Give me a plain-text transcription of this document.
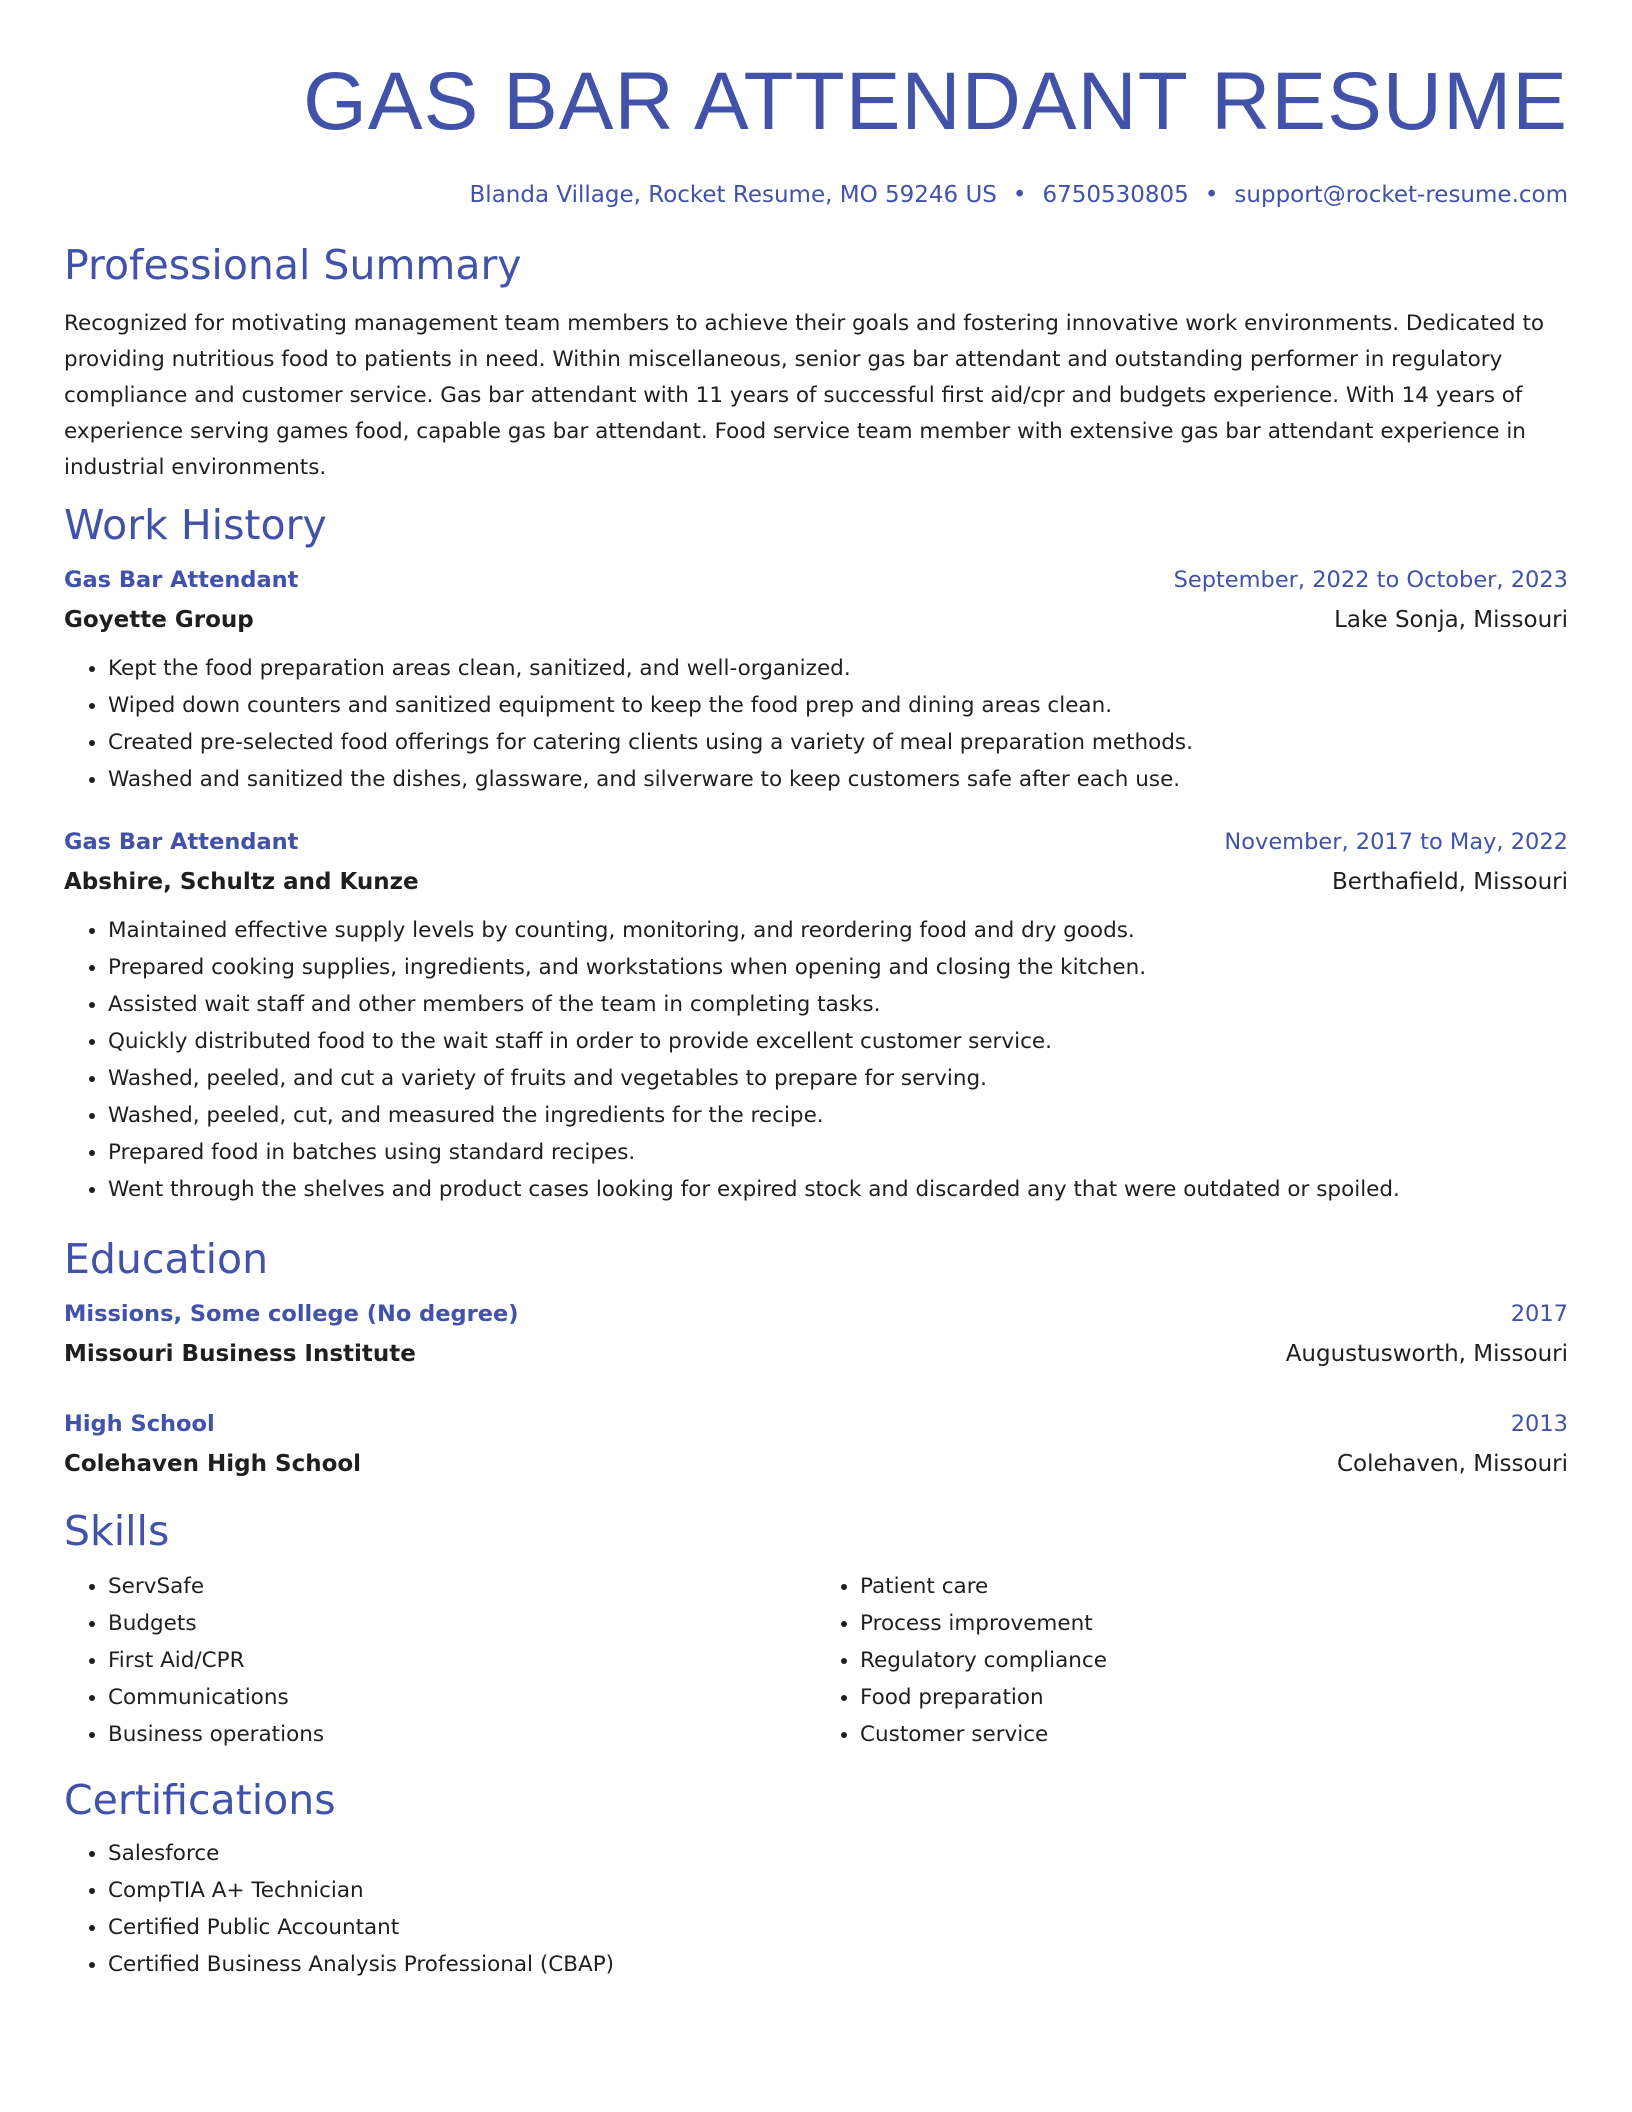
GAS BAR ATTENDANT RESUME
Blanda Village, Rocket Resume, MO 59246 US • 6750530805 • support@rocket-resume.com
Professional Summary

Recognized for motivating management team members to achieve their goals and fostering innovative work environments. Dedicated to providing nutritious food to patients in need. Within miscellaneous, senior gas bar attendant and outstanding performer in regulatory compliance and customer service. Gas bar attendant with 11 years of successful first aid/cpr and budgets experience. With 14 years of experience serving games food, capable gas bar attendant. Food service team member with extensive gas bar attendant experience in industrial environments.

Work History
Gas Bar Attendant	September, 2022 to October, 2023
Goyette Group	Lake Sonja, Missouri
• Kept the food preparation areas clean, sanitized, and well-organized.
• Wiped down counters and sanitized equipment to keep the food prep and dining areas clean.
• Created pre-selected food offerings for catering clients using a variety of meal preparation methods.
• Washed and sanitized the dishes, glassware, and silverware to keep customers safe after each use.
Gas Bar Attendant	November, 2017 to May, 2022
Abshire, Schultz and Kunze	Berthafield, Missouri
• Maintained effective supply levels by counting, monitoring, and reordering food and dry goods.
• Prepared cooking supplies, ingredients, and workstations when opening and closing the kitchen.
• Assisted wait staff and other members of the team in completing tasks.
• Quickly distributed food to the wait staff in order to provide excellent customer service.
• Washed, peeled, and cut a variety of fruits and vegetables to prepare for serving.
• Washed, peeled, cut, and measured the ingredients for the recipe.
• Prepared food in batches using standard recipes.
• Went through the shelves and product cases looking for expired stock and discarded any that were outdated or spoiled.
Education
Missions, Some college (No degree)	2017
Missouri Business Institute	Augustusworth, Missouri
High School	2013
Colehaven High School	Colehaven, Missouri
Skills
• ServSafe
• Budgets
• First Aid/CPR
• Communications
• Business operations
• Patient care
• Process improvement
• Regulatory compliance
• Food preparation
• Customer service
Certifications
• Salesforce
• CompTIA A+ Technician
• Certified Public Accountant
• Certified Business Analysis Professional (CBAP)
